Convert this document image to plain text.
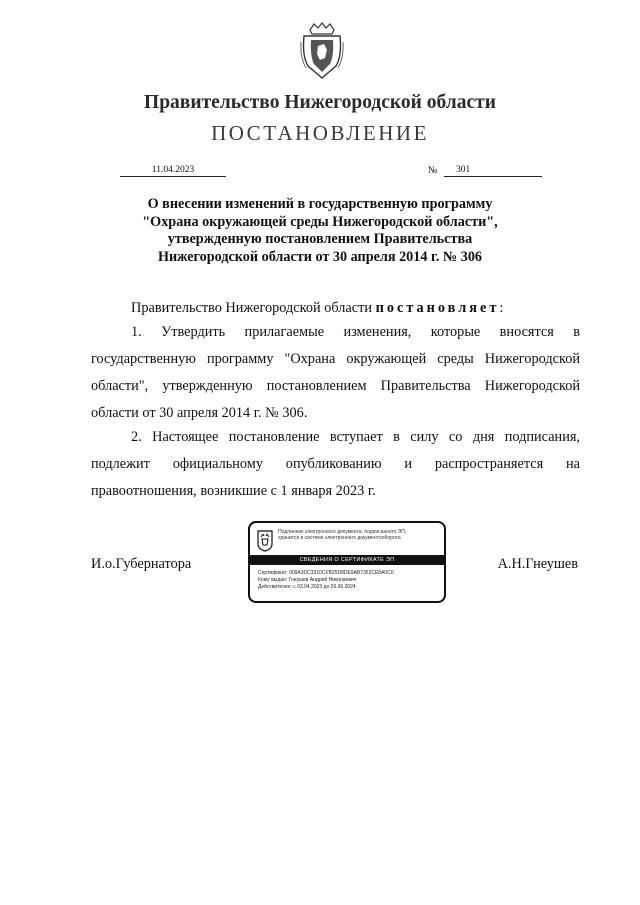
Правительство Нижегородской области
ПОСТАНОВЛЕНИЕ
11.04.2023	№	301
О внесении изменений в государственную программу
"Охрана окружающей среды Нижегородской области",
утвержденную постановлением Правительства
Нижегородской области от 30 апреля 2014 г. № 306
Правительство Нижегородской области постановляет:
1. Утвердить прилагаемые изменения, которые вносятся в государственную программу "Охрана окружающей среды Нижегородской области", утвержденную постановлением Правительства Нижегородской области от 30 апреля 2014 г. № 306.
2. Настоящее постановление вступает в силу со дня подписания, подлежит официальному опубликованию и распространяется на правоотношения, возникшие с 1 января 2023 г.
И.о.Губернатора	А.Н.Гнеушев
Подлинник электронного документа, подписанного ЭП,
хранится в системе электронного документооборота
СВЕДЕНИЯ О СЕРТИФИКАТЕ ЭП
Сертификат: 009A3DC3310CFB25D8DE9AB7352CE8A0C0
Кому выдан: Гнеушев Андрей Николаевич
Действителен: с 03.04.2023 до 26.06.2024
